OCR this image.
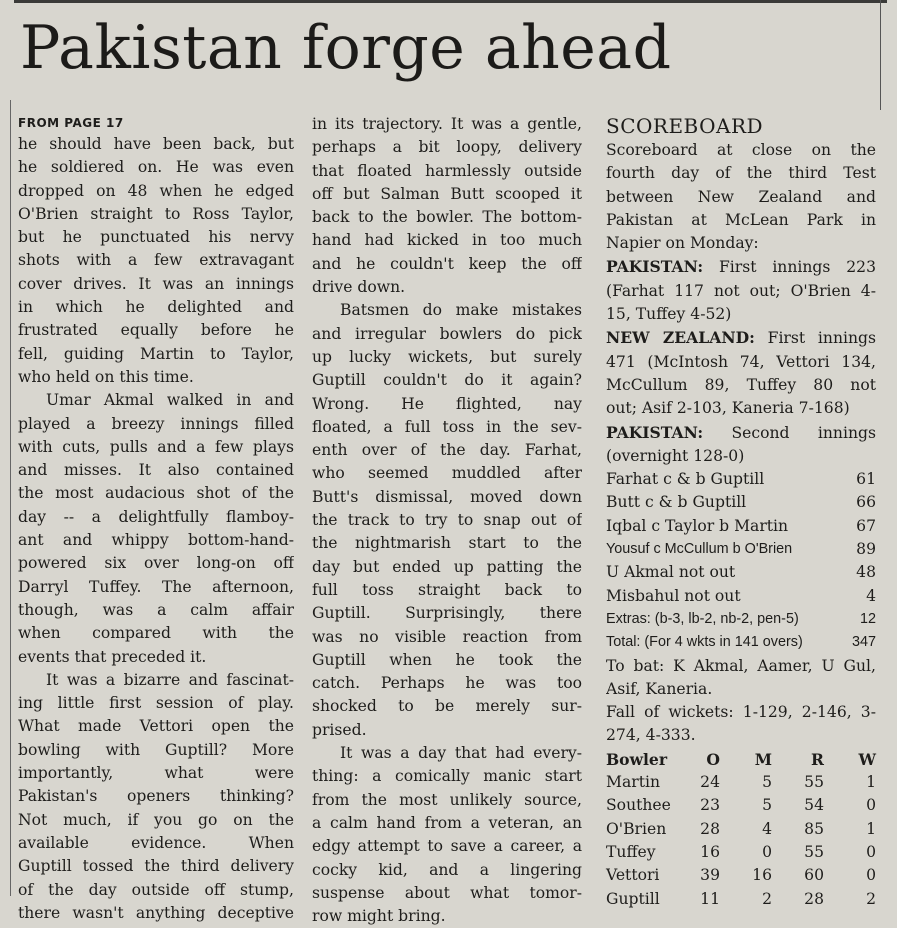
Pakistan forge ahead
FROM PAGE 17
he should have been back, but
he soldiered on. He was even
dropped on 48 when he edged
O'Brien straight to Ross Taylor,
but he punctuated his nervy
shots with a few extravagant
cover drives. It was an innings
in which he delighted and
frustrated equally before he
fell, guiding Martin to Taylor,
who held on this time.
Umar Akmal walked in and
played a breezy innings filled
with cuts, pulls and a few plays
and misses. It also contained
the most audacious shot of the
day -- a delightfully flamboy-
ant and whippy bottom-hand-
powered six over long-on off
Darryl Tuffey. The afternoon,
though, was a calm affair
when compared with the
events that preceded it.
It was a bizarre and fascinat-
ing little first session of play.
What made Vettori open the
bowling with Guptill? More
importantly, what were
Pakistan's openers thinking?
Not much, if you go on the
available evidence. When
Guptill tossed the third delivery
of the day outside off stump,
there wasn't anything deceptive
in its trajectory. It was a gentle,
perhaps a bit loopy, delivery
that floated harmlessly outside
off but Salman Butt scooped it
back to the bowler. The bottom-
hand had kicked in too much
and he couldn't keep the off
drive down.
Batsmen do make mistakes
and irregular bowlers do pick
up lucky wickets, but surely
Guptill couldn't do it again?
Wrong. He flighted, nay
floated, a full toss in the sev-
enth over of the day. Farhat,
who seemed muddled after
Butt's dismissal, moved down
the track to try to snap out of
the nightmarish start to the
day but ended up patting the
full toss straight back to
Guptill. Surprisingly, there
was no visible reaction from
Guptill when he took the
catch. Perhaps he was too
shocked to be merely sur-
prised.
It was a day that had every-
thing: a comically manic start
from the most unlikely source,
a calm hand from a veteran, an
edgy attempt to save a career, a
cocky kid, and a lingering
suspense about what tomor-
row might bring.
SCOREBOARD
Scoreboard at close on the
fourth day of the third Test
between New Zealand and
Pakistan at McLean Park in
Napier on Monday:
PAKISTAN: First innings 223
(Farhat 117 not out; O'Brien 4-
15, Tuffey 4-52)
NEW ZEALAND: First innings
471 (McIntosh 74, Vettori 134,
McCullum 89, Tuffey 80 not
out; Asif 2-103, Kaneria 7-168)
PAKISTAN: Second innings
(overnight 128-0)
Farhat c & b Guptill	61
Butt c & b Guptill	66
Iqbal c Taylor b Martin	67
Yousuf c McCullum b O'Brien	89
U Akmal not out	48
Misbahul not out	4
Extras: (b-3, lb-2, nb-2, pen-5)	12
Total: (For 4 wkts in 141 overs)	347
To bat: K Akmal, Aamer, U Gul,
Asif, Kaneria.
Fall of wickets: 1-129, 2-146, 3-
274, 4-333.
Bowler	O	M	R	W
Martin	24	5	55	1
Southee	23	5	54	0
O'Brien	28	4	85	1
Tuffey	16	0	55	0
Vettori	39	16	60	0
Guptill	11	2	28	2
